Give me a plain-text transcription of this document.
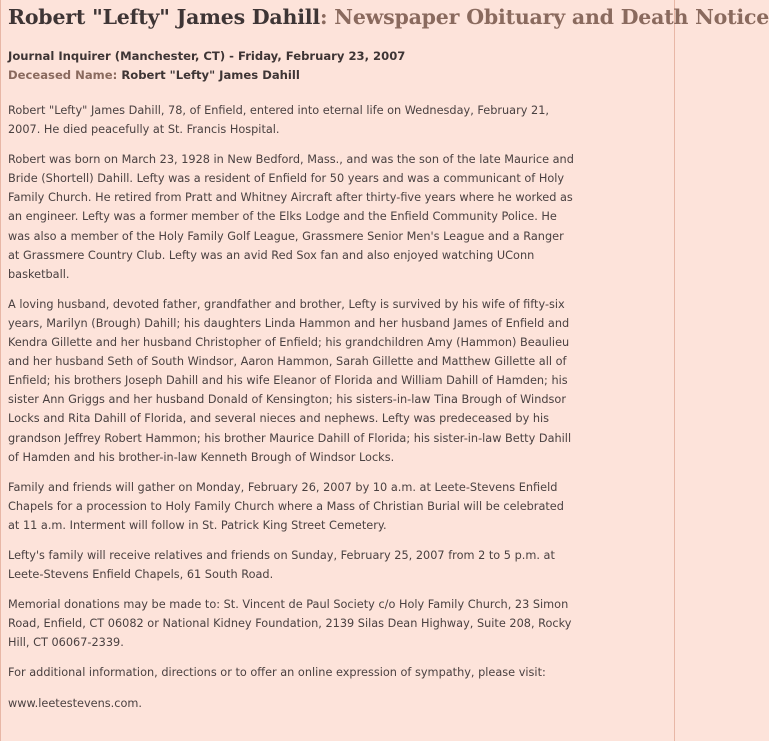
Robert "Lefty" James Dahill: Newspaper Obituary and Death Notice
Journal Inquirer (Manchester, CT) - Friday, February 23, 2007
Deceased Name: Robert "Lefty" James Dahill

Robert "Lefty" James Dahill, 78, of Enfield, entered into eternal life on Wednesday, February 21, 2007. He died peacefully at St. Francis Hospital.

Robert was born on March 23, 1928 in New Bedford, Mass., and was the son of the late Maurice and Bride (Shortell) Dahill. Lefty was a resident of Enfield for 50 years and was a communicant of Holy Family Church. He retired from Pratt and Whitney Aircraft after thirty-five years where he worked as an engineer. Lefty was a former member of the Elks Lodge and the Enfield Community Police. He was also a member of the Holy Family Golf League, Grassmere Senior Men's League and a Ranger at Grassmere Country Club. Lefty was an avid Red Sox fan and also enjoyed watching UConn basketball.

A loving husband, devoted father, grandfather and brother, Lefty is survived by his wife of fifty-six years, Marilyn (Brough) Dahill; his daughters Linda Hammon and her husband James of Enfield and Kendra Gillette and her husband Christopher of Enfield; his grandchildren Amy (Hammon) Beaulieu and her husband Seth of South Windsor, Aaron Hammon, Sarah Gillette and Matthew Gillette all of Enfield; his brothers Joseph Dahill and his wife Eleanor of Florida and William Dahill of Hamden; his sister Ann Griggs and her husband Donald of Kensington; his sisters-in-law Tina Brough of Windsor Locks and Rita Dahill of Florida, and several nieces and nephews. Lefty was predeceased by his grandson Jeffrey Robert Hammon; his brother Maurice Dahill of Florida; his sister-in-law Betty Dahill of Hamden and his brother-in-law Kenneth Brough of Windsor Locks.

Family and friends will gather on Monday, February 26, 2007 by 10 a.m. at Leete-Stevens Enfield Chapels for a procession to Holy Family Church where a Mass of Christian Burial will be celebrated at 11 a.m. Interment will follow in St. Patrick King Street Cemetery.

Lefty's family will receive relatives and friends on Sunday, February 25, 2007 from 2 to 5 p.m. at Leete-Stevens Enfield Chapels, 61 South Road.

Memorial donations may be made to: St. Vincent de Paul Society c/o Holy Family Church, 23 Simon Road, Enfield, CT 06082 or National Kidney Foundation, 2139 Silas Dean Highway, Suite 208, Rocky Hill, CT 06067-2339.

For additional information, directions or to offer an online expression of sympathy, please visit:

www.leetestevens.com.
